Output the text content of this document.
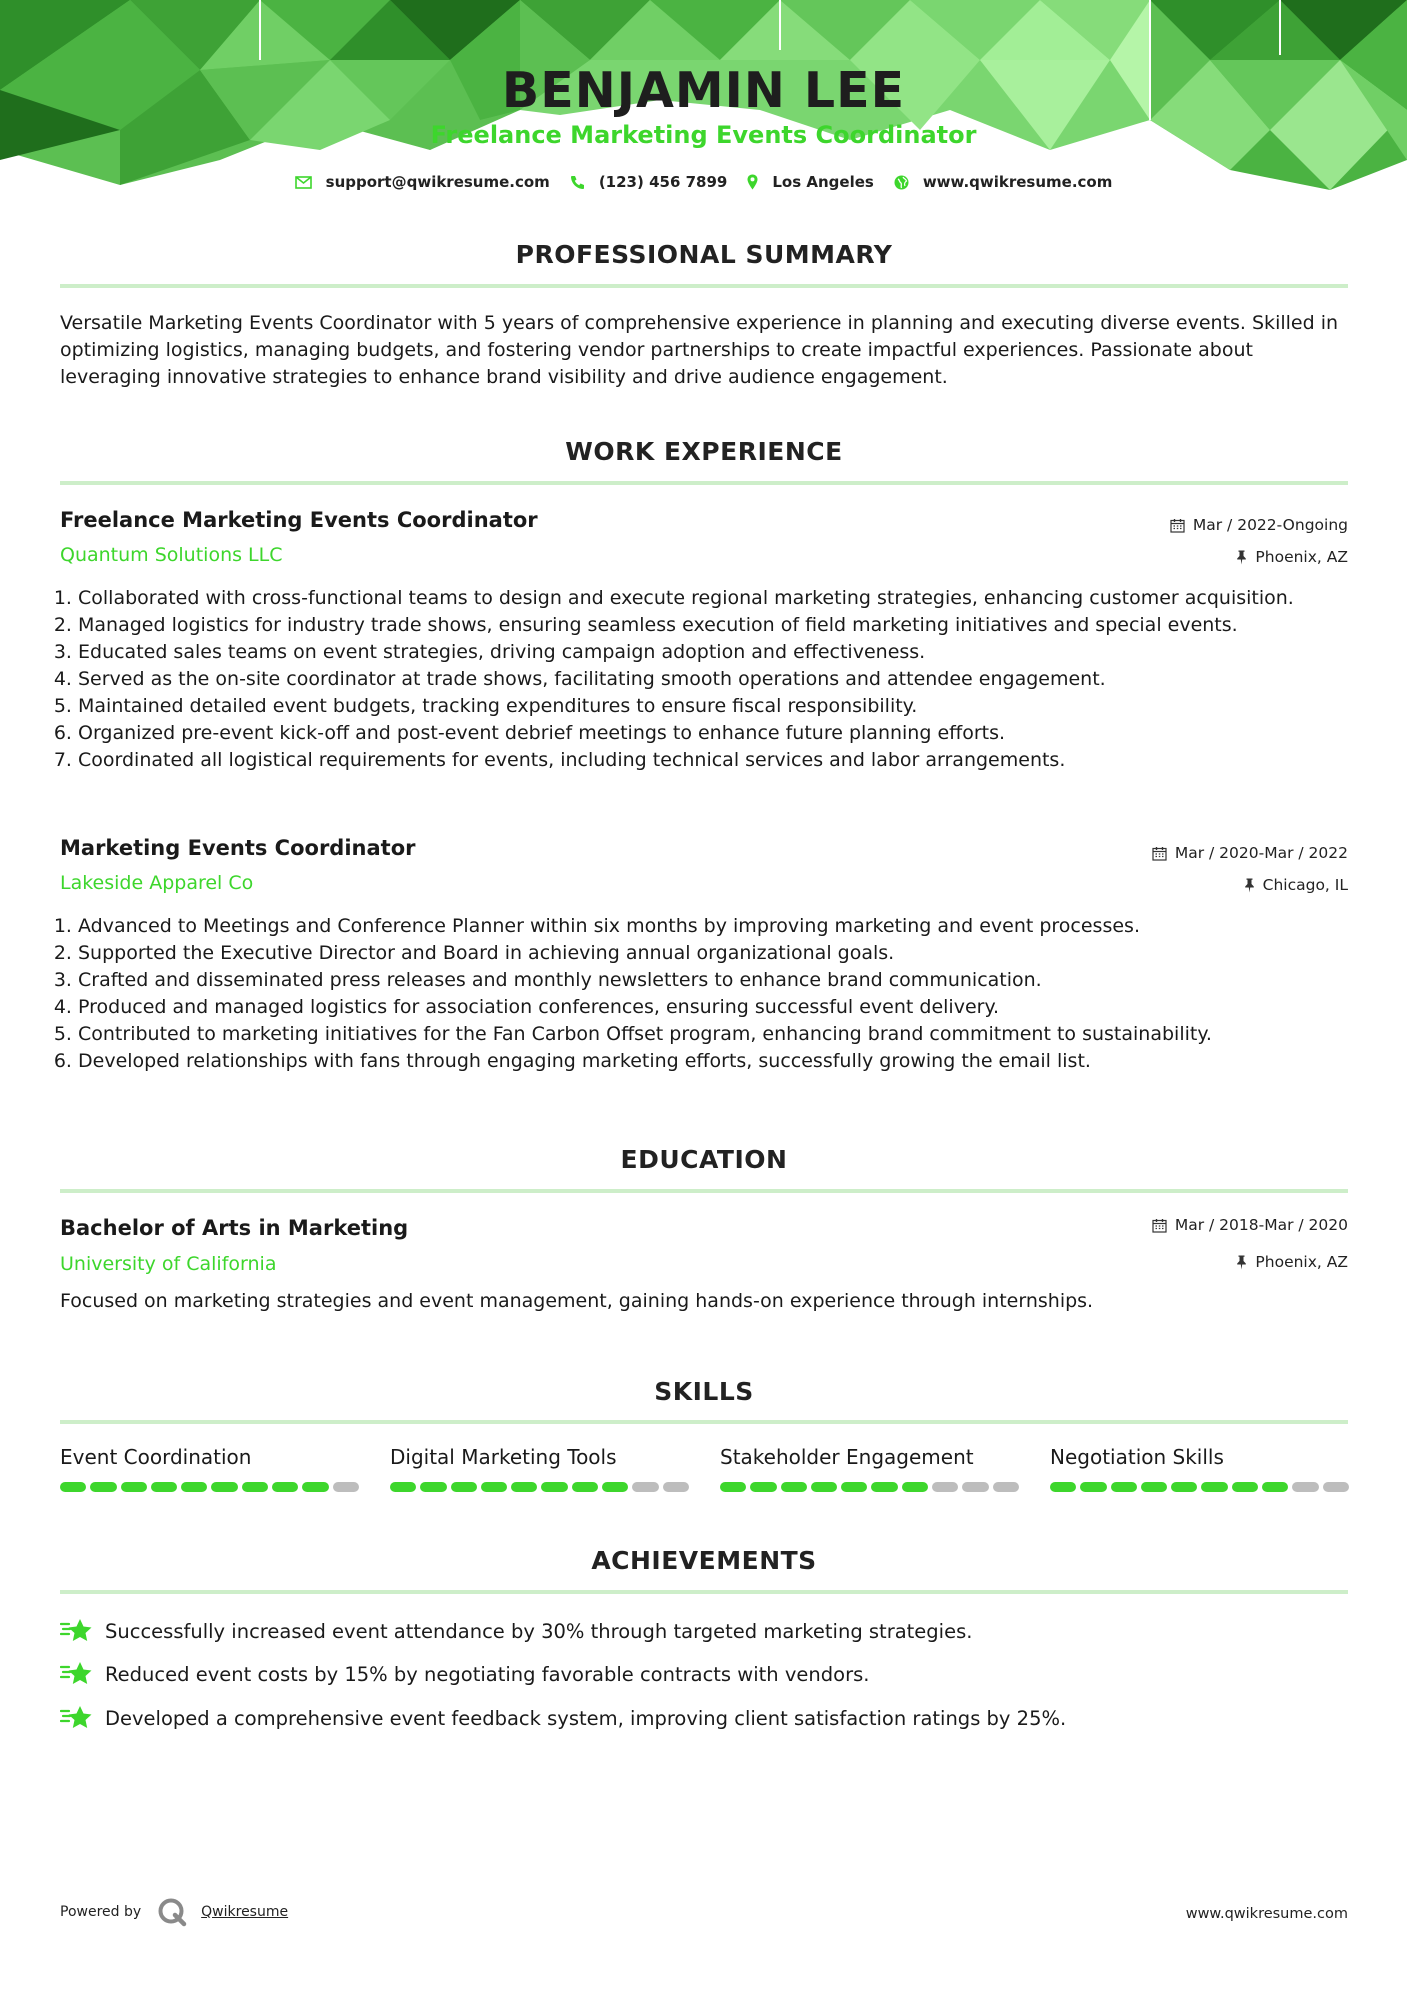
BENJAMIN LEE
Freelance Marketing Events Coordinator
support@qwikresume.com	(123) 456 7899	Los Angeles	www.qwikresume.com
PROFESSIONAL SUMMARY
Versatile Marketing Events Coordinator with 5 years of comprehensive experience in planning and executing diverse events. Skilled in optimizing logistics, managing budgets, and fostering vendor partnerships to create impactful experiences. Passionate about leveraging innovative strategies to enhance brand visibility and drive audience engagement.
WORK EXPERIENCE
Freelance Marketing Events Coordinator	Mar / 2022-Ongoing
Quantum Solutions LLC	Phoenix, AZ
1. Collaborated with cross-functional teams to design and execute regional marketing strategies, enhancing customer acquisition.
2. Managed logistics for industry trade shows, ensuring seamless execution of field marketing initiatives and special events.
3. Educated sales teams on event strategies, driving campaign adoption and effectiveness.
4. Served as the on-site coordinator at trade shows, facilitating smooth operations and attendee engagement.
5. Maintained detailed event budgets, tracking expenditures to ensure fiscal responsibility.
6. Organized pre-event kick-off and post-event debrief meetings to enhance future planning efforts.
7. Coordinated all logistical requirements for events, including technical services and labor arrangements.
Marketing Events Coordinator	Mar / 2020-Mar / 2022
Lakeside Apparel Co	Chicago, IL
1. Advanced to Meetings and Conference Planner within six months by improving marketing and event processes.
2. Supported the Executive Director and Board in achieving annual organizational goals.
3. Crafted and disseminated press releases and monthly newsletters to enhance brand communication.
4. Produced and managed logistics for association conferences, ensuring successful event delivery.
5. Contributed to marketing initiatives for the Fan Carbon Offset program, enhancing brand commitment to sustainability.
6. Developed relationships with fans through engaging marketing efforts, successfully growing the email list.
EDUCATION
Bachelor of Arts in Marketing	Mar / 2018-Mar / 2020
University of California	Phoenix, AZ
Focused on marketing strategies and event management, gaining hands-on experience through internships.
SKILLS
Event Coordination	Digital Marketing Tools	Stakeholder Engagement	Negotiation Skills
ACHIEVEMENTS
Successfully increased event attendance by 30% through targeted marketing strategies.
Reduced event costs by 15% by negotiating favorable contracts with vendors.
Developed a comprehensive event feedback system, improving client satisfaction ratings by 25%.
Powered by	Qwikresume	www.qwikresume.com
